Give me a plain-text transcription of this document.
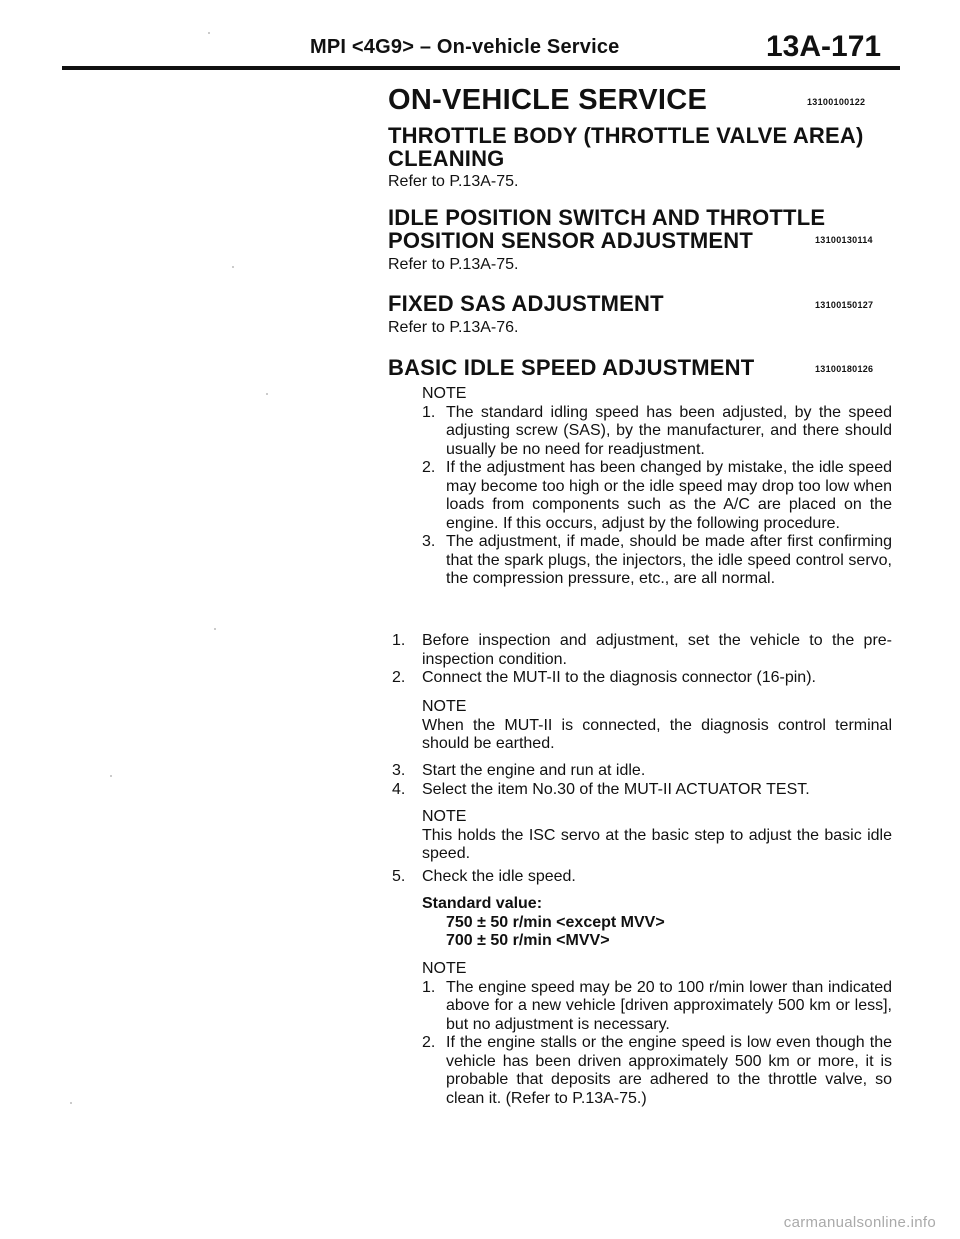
MPI <4G9> – On-vehicle Service	13A-171
ON-VEHICLE SERVICE	13100100122
THROTTLE BODY (THROTTLE VALVE AREA)
CLEANING
Refer to P.13A-75.
IDLE POSITION SWITCH AND THROTTLE
POSITION SENSOR ADJUSTMENT	13100130114
Refer to P.13A-75.
FIXED SAS ADJUSTMENT	13100150127
Refer to P.13A-76.
BASIC IDLE SPEED ADJUSTMENT	13100180126
NOTE
1. The standard idling speed has been adjusted, by the speed adjusting screw (SAS), by the manufacturer, and there should usually be no need for readjustment.
2. If the adjustment has been changed by mistake, the idle speed may become too high or the idle speed may drop too low when loads from components such as the A/C are placed on the engine. If this occurs, adjust by the following procedure.
3. The adjustment, if made, should be made after first confirming that the spark plugs, the injectors, the idle speed control servo, the compression pressure, etc., are all normal.
1. Before inspection and adjustment, set the vehicle to the pre-inspection condition.
2. Connect the MUT-II to the diagnosis connector (16-pin).
NOTE
When the MUT-II is connected, the diagnosis control terminal should be earthed.
3. Start the engine and run at idle.
4. Select the item No.30 of the MUT-II ACTUATOR TEST.
NOTE
This holds the ISC servo at the basic step to adjust the basic idle speed.
5. Check the idle speed.
Standard value:
750 ± 50 r/min <except MVV>
700 ± 50 r/min <MVV>
NOTE
1. The engine speed may be 20 to 100 r/min lower than indicated above for a new vehicle [driven approximately 500 km or less], but no adjustment is necessary.
2. If the engine stalls or the engine speed is low even though the vehicle has been driven approximately 500 km or more, it is probable that deposits are adhered to the throttle valve, so clean it. (Refer to P.13A-75.)
carmanualsonline.info
